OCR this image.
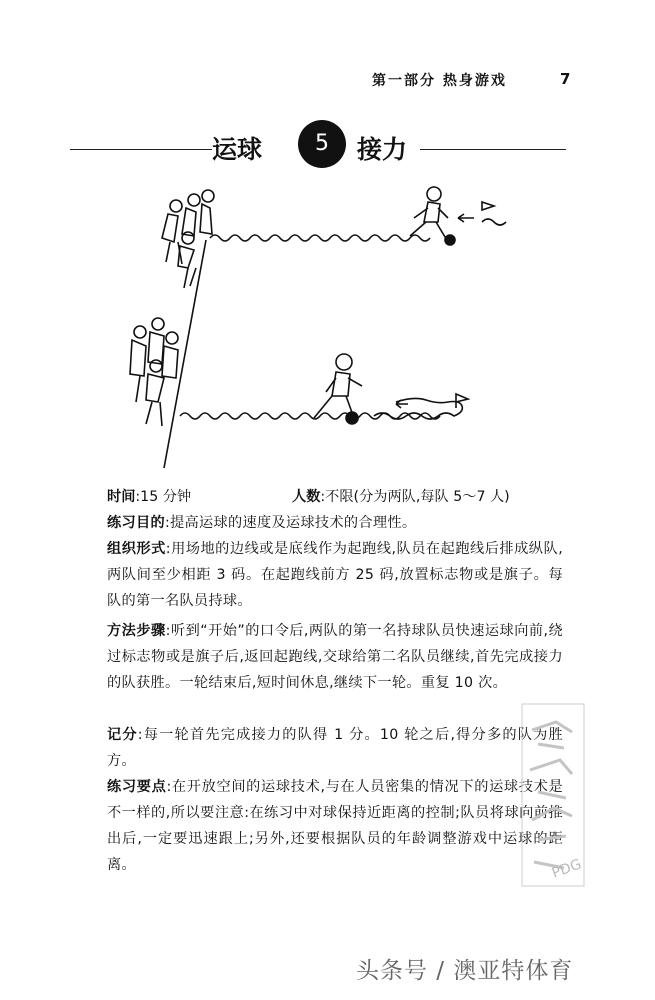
第一部分 热身游戏	7
运球	5	接力
时间:15 分钟	人数:不限(分为两队,每队 5～7 人)
练习目的:提高运球的速度及运球技术的合理性。
组织形式:用场地的边线或是底线作为起跑线,队员在起跑线后排成纵队,两队间至少相距 3 码。在起跑线前方 25 码,放置标志物或是旗子。每队的第一名队员持球。
方法步骤:听到“开始”的口令后,两队的第一名持球队员快速运球向前,绕过标志物或是旗子后,返回起跑线,交球给第二名队员继续,首先完成接力的队获胜。一轮结束后,短时间休息,继续下一轮。重复 10 次。
记分:每一轮首先完成接力的队得 1 分。10 轮之后,得分多的队为胜方。
练习要点:在开放空间的运球技术,与在人员密集的情况下的运球技术是不一样的,所以要注意:在练习中对球保持近距离的控制;队员将球向前推出后,一定要迅速跟上;另外,还要根据队员的年龄调整游戏中运球的距离。	PDG
头条号 / 澳亚特体育
